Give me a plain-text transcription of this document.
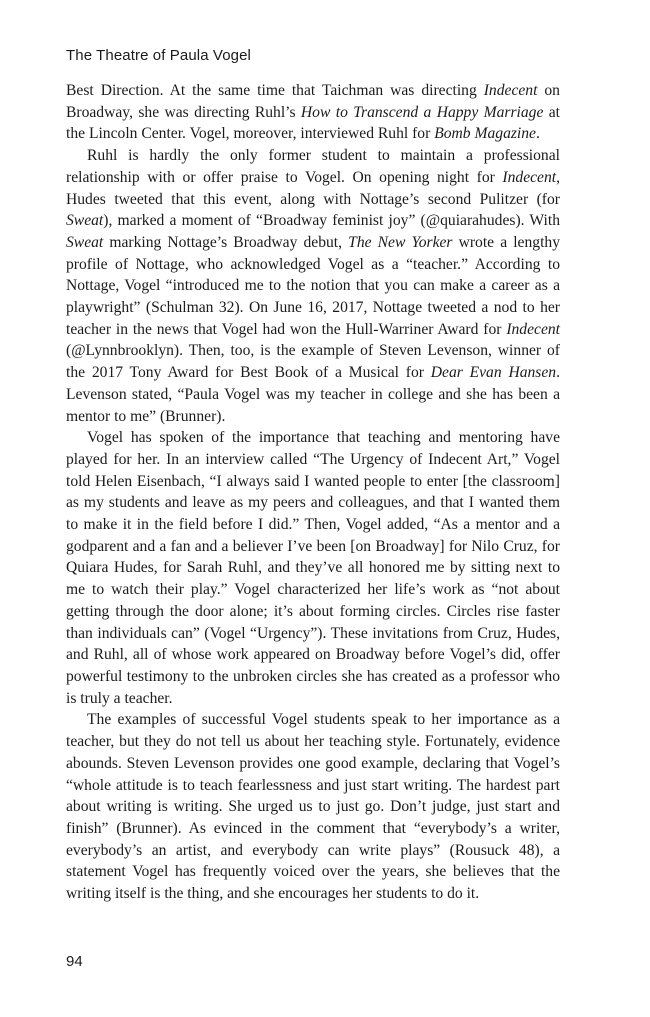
The Theatre of Paula Vogel

Best Direction. At the same time that Taichman was directing Indecent on Broadway, she was directing Ruhl’s How to Transcend a Happy Marriage at the Lincoln Center. Vogel, moreover, interviewed Ruhl for Bomb Magazine.

Ruhl is hardly the only former student to maintain a professional relationship with or offer praise to Vogel. On opening night for Indecent, Hudes tweeted that this event, along with Nottage’s second Pulitzer (for Sweat), marked a moment of “Broadway feminist joy” (@quiarahudes). With Sweat marking Nottage’s Broadway debut, The New Yorker wrote a lengthy profile of Nottage, who acknowledged Vogel as a “teacher.” According to Nottage, Vogel “introduced me to the notion that you can make a career as a playwright” (Schulman 32). On June 16, 2017, Nottage tweeted a nod to her teacher in the news that Vogel had won the Hull-Warriner Award for Indecent (@Lynnbrooklyn). Then, too, is the example of Steven Levenson, winner of the 2017 Tony Award for Best Book of a Musical for Dear Evan Hansen. Levenson stated, “Paula Vogel was my teacher in college and she has been a mentor to me” (Brunner).

Vogel has spoken of the importance that teaching and mentoring have played for her. In an interview called “The Urgency of Indecent Art,” Vogel told Helen Eisenbach, “I always said I wanted people to enter [the classroom] as my students and leave as my peers and colleagues, and that I wanted them to make it in the field before I did.” Then, Vogel added, “As a mentor and a godparent and a fan and a believer I’ve been [on Broadway] for Nilo Cruz, for Quiara Hudes, for Sarah Ruhl, and they’ve all honored me by sitting next to me to watch their play.” Vogel characterized her life’s work as “not about getting through the door alone; it’s about forming circles. Circles rise faster than individuals can” (Vogel “Urgency”). These invitations from Cruz, Hudes, and Ruhl, all of whose work appeared on Broadway before Vogel’s did, offer powerful testimony to the unbroken circles she has created as a professor who is truly a teacher.

The examples of successful Vogel students speak to her importance as a teacher, but they do not tell us about her teaching style. Fortunately, evidence abounds. Steven Levenson provides one good example, declaring that Vogel’s “whole attitude is to teach fearlessness and just start writing. The hardest part about writing is writing. She urged us to just go. Don’t judge, just start and finish” (Brunner). As evinced in the comment that “everybody’s a writer, everybody’s an artist, and everybody can write plays” (Rousuck 48), a statement Vogel has frequently voiced over the years, she believes that the writing itself is the thing, and she encourages her students to do it.

94
